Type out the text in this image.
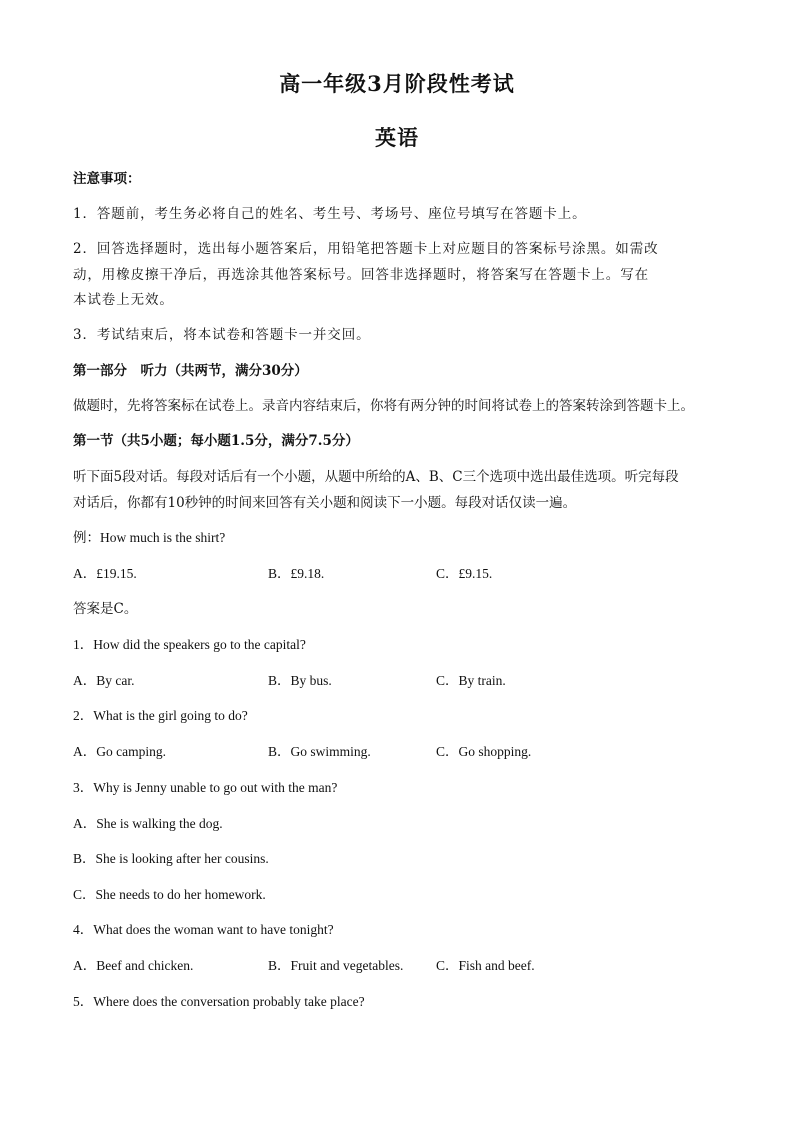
高一年级3月阶段性考试
英语
注意事项：
1．答题前，考生务必将自己的姓名、考生号、考场号、座位号填写在答题卡上。
2．回答选择题时，选出每小题答案后，用铅笔把答题卡上对应题目的答案标号涂黑。如需改
动，用橡皮擦干净后，再选涂其他答案标号。回答非选择题时，将答案写在答题卡上。写在
本试卷上无效。
3．考试结束后，将本试卷和答题卡一并交回。
第一部分　听力（共两节，满分30分）
做题时，先将答案标在试卷上。录音内容结束后，你将有两分钟的时间将试卷上的答案转涂到答题卡上。
第一节（共5小题；每小题1.5分，满分7.5分）
听下面5段对话。每段对话后有一个小题，从题中所给的A、B、C三个选项中选出最佳选项。听完每段
对话后，你都有10秒钟的时间来回答有关小题和阅读下一小题。每段对话仅读一遍。
例：How much is the shirt?
A．£19.15.	B．£9.18.	C．£9.15.
答案是C。
1．How did the speakers go to the capital?
A．By car.	B．By bus.	C．By train.
2．What is the girl going to do?
A．Go camping.	B．Go swimming.	C．Go shopping.
3．Why is Jenny unable to go out with the man?
A．She is walking the dog.
B．She is looking after her cousins.
C．She needs to do her homework.
4．What does the woman want to have tonight?
A．Beef and chicken.	B．Fruit and vegetables. C．Fish and beef.
5．Where does the conversation probably take place?
